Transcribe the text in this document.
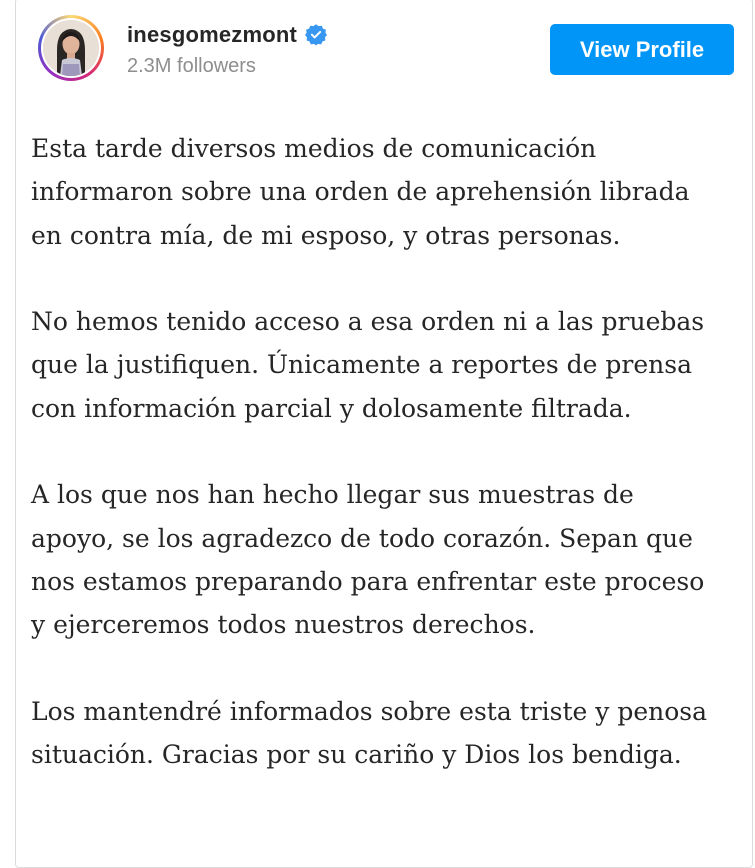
inesgomezmont
2.3M followers
View Profile

Esta tarde diversos medios de comunicación
informaron sobre una orden de aprehensión librada
en contra mía, de mi esposo, y otras personas.

No hemos tenido acceso a esa orden ni a las pruebas
que la justifiquen. Únicamente a reportes de prensa
con información parcial y dolosamente filtrada.

A los que nos han hecho llegar sus muestras de
apoyo, se los agradezco de todo corazón. Sepan que
nos estamos preparando para enfrentar este proceso
y ejerceremos todos nuestros derechos.

Los mantendré informados sobre esta triste y penosa
situación. Gracias por su cariño y Dios los bendiga.
